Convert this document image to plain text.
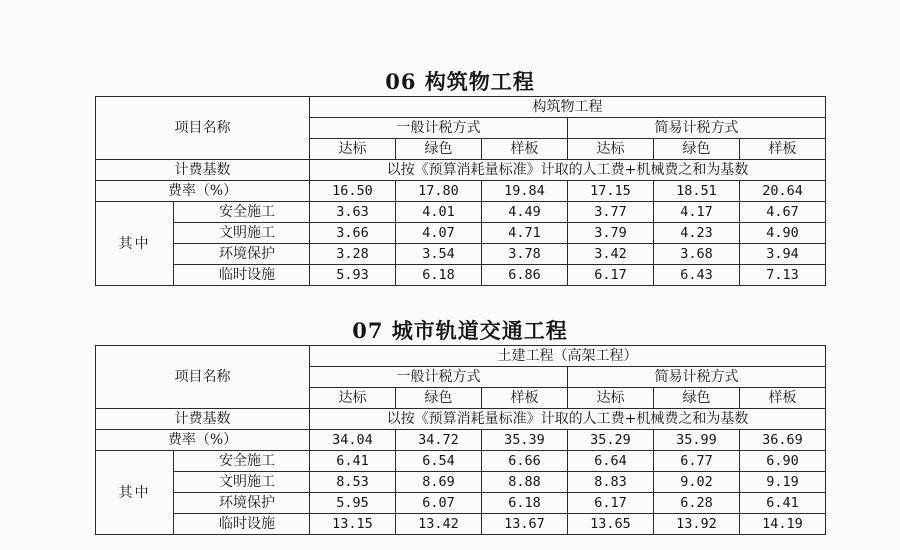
06 构筑物工程
项目名称		构筑物工程					
		一般计税方式			简易计税方式		
		达标	绿色	样板	达标	绿色	样板
计费基数		以按《预算消耗量标准》计取的人工费+机械费之和为基数					
费率（%）		16.50	17.80	19.84	17.15	18.51	20.64
其中	安全施工	3.63	4.01	4.49	3.77	4.17	4.67
	文明施工	3.66	4.07	4.71	3.79	4.23	4.90
	环境保护	3.28	3.54	3.78	3.42	3.68	3.94
	临时设施	5.93	6.18	6.86	6.17	6.43	7.13
07 城市轨道交通工程
项目名称		土建工程（高架工程）					
		一般计税方式			简易计税方式		
		达标	绿色	样板	达标	绿色	样板
计费基数		以按《预算消耗量标准》计取的人工费+机械费之和为基数					
费率（%）		34.04	34.72	35.39	35.29	35.99	36.69
其中	安全施工	6.41	6.54	6.66	6.64	6.77	6.90
	文明施工	8.53	8.69	8.88	8.83	9.02	9.19
	环境保护	5.95	6.07	6.18	6.17	6.28	6.41
	临时设施	13.15	13.42	13.67	13.65	13.92	14.19
